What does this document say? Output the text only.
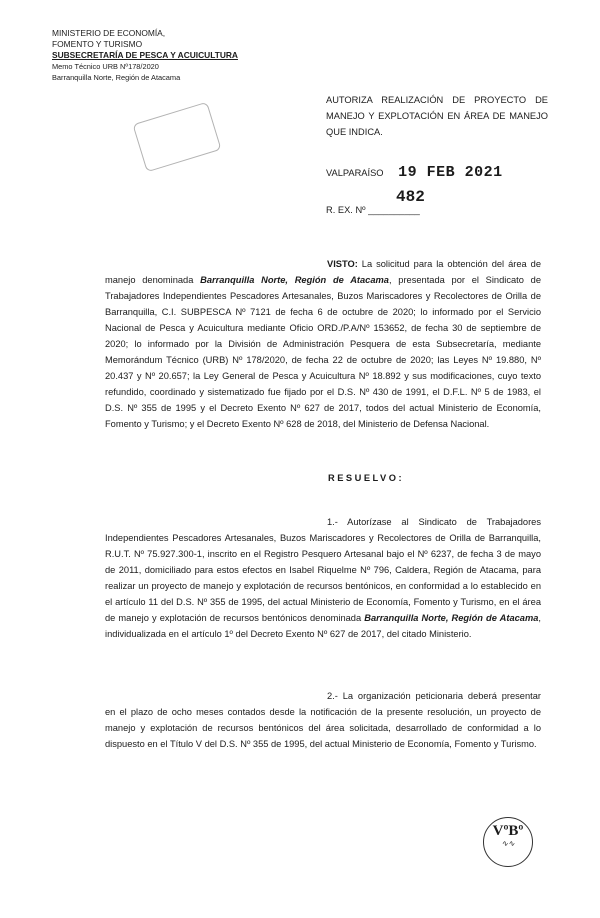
MINISTERIO DE ECONOMÍA,
FOMENTO Y TURISMO
SUBSECRETARÍA DE PESCA Y ACUICULTURA
Memo Técnico URB Nº178/2020
Barranquilla Norte, Región de Atacama

AUTORIZA REALIZACIÓN DE PROYECTO DE MANEJO Y EXPLOTACIÓN EN ÁREA DE MANEJO QUE INDICA.
VALPARAÍSO 19 FEB 2021
R. EX. Nº __________
482
VISTO: La solicitud para la obtención del área de manejo denominada Barranquilla Norte, Región de Atacama, presentada por el Sindicato de Trabajadores Independientes Pescadores Artesanales, Buzos Mariscadores y Recolectores de Orilla de Barranquilla, C.I. SUBPESCA Nº 7121 de fecha 6 de octubre de 2020; lo informado por el Servicio Nacional de Pesca y Acuicultura mediante Oficio ORD./P.A/Nº 153652, de fecha 30 de septiembre de 2020; lo informado por la División de Administración Pesquera de esta Subsecretaría, mediante Memorándum Técnico (URB) Nº 178/2020, de fecha 22 de octubre de 2020; las Leyes Nº 19.880, Nº 20.437 y Nº 20.657; la Ley General de Pesca y Acuicultura Nº 18.892 y sus modificaciones, cuyo texto refundido, coordinado y sistematizado fue fijado por el D.S. Nº 430 de 1991, el D.F.L. Nº 5 de 1983, el D.S. Nº 355 de 1995 y el Decreto Exento Nº 627 de 2017, todos del actual Ministerio de Economía, Fomento y Turismo; y el Decreto Exento Nº 628 de 2018, del Ministerio de Defensa Nacional.
RESUELVO:
1.- Autorízase al Sindicato de Trabajadores Independientes Pescadores Artesanales, Buzos Mariscadores y Recolectores de Orilla de Barranquilla, R.U.T. Nº 75.927.300-1, inscrito en el Registro Pesquero Artesanal bajo el Nº 6237, de fecha 3 de mayo de 2011, domiciliado para estos efectos en Isabel Riquelme Nº 796, Caldera, Región de Atacama, para realizar un proyecto de manejo y explotación de recursos bentónicos, en conformidad a lo establecido en el artículo 11 del D.S. Nº 355 de 1995, del actual Ministerio de Economía, Fomento y Turismo, en el área de manejo y explotación de recursos bentónicos denominada Barranquilla Norte, Región de Atacama, individualizada en el artículo 1º del Decreto Exento Nº 627 de 2017, del citado Ministerio.
2.- La organización peticionaria deberá presentar en el plazo de ocho meses contados desde la notificación de la presente resolución, un proyecto de manejo y explotación de recursos bentónicos del área solicitada, desarrollado de conformidad a lo dispuesto en el Título V del D.S. Nº 355 de 1995, del actual Ministerio de Economía, Fomento y Turismo.
VºBº
∿∿
